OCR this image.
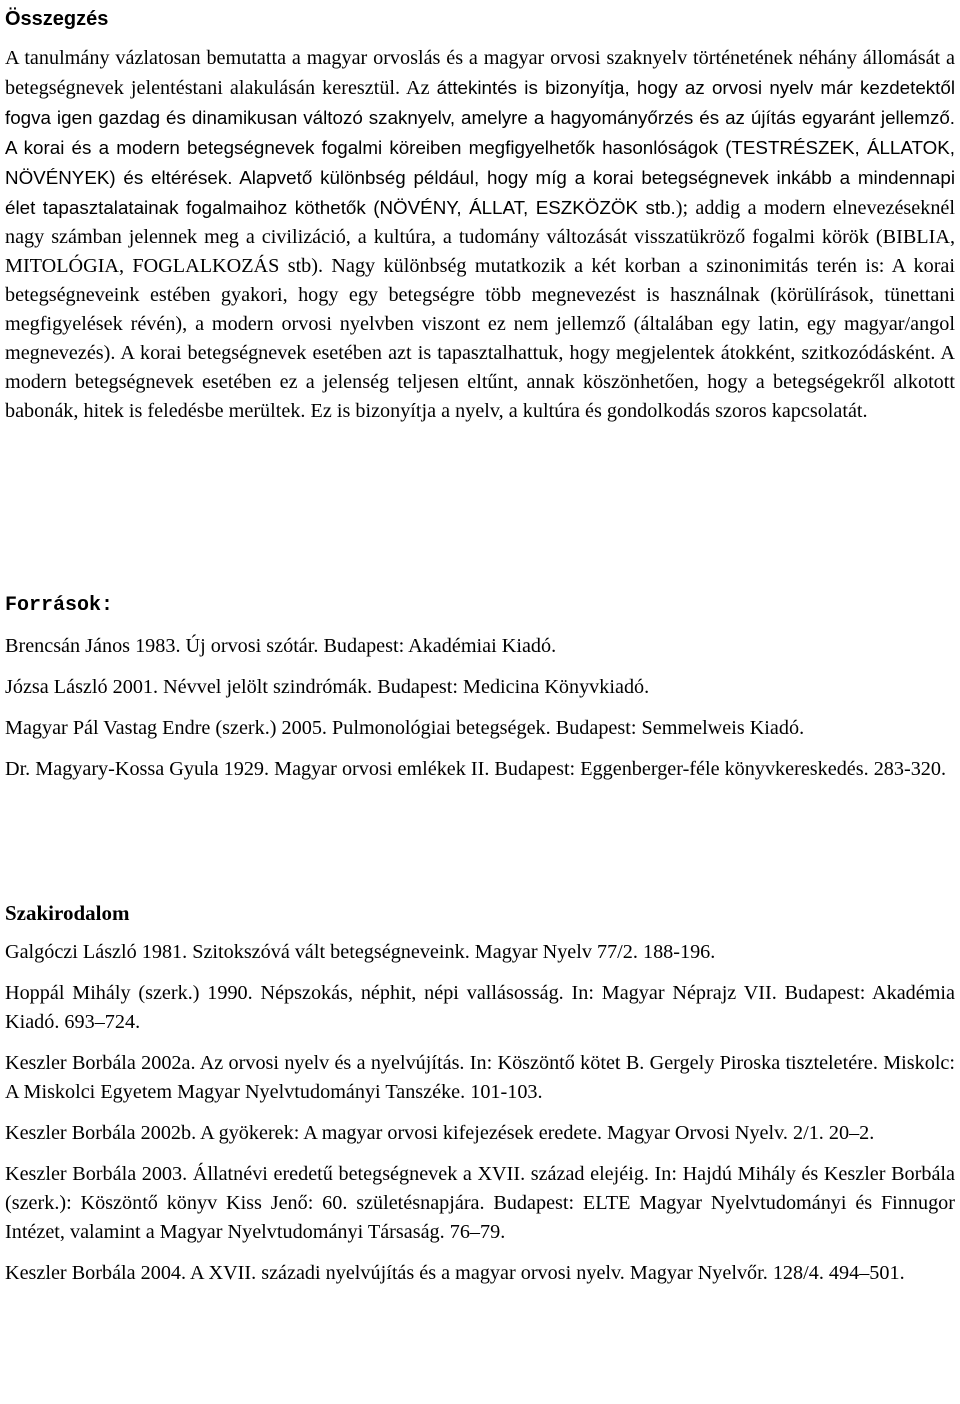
Összegzés

A tanulmány vázlatosan bemutatta a magyar orvoslás és a magyar orvosi szaknyelv történetének néhány állomását a betegségnevek jelentéstani alakulásán keresztül. Az áttekintés is bizonyítja, hogy az orvosi nyelv már kezdetektől fogva igen gazdag és dinamikusan változó szaknyelv, amelyre a hagyományőrzés és az újítás egyaránt jellemző. A korai és a modern betegségnevek fogalmi köreiben megfigyelhetők hasonlóságok (TESTRÉSZEK, ÁLLATOK, NÖVÉNYEK) és eltérések. Alapvető különbség például, hogy míg a korai betegségnevek inkább a mindennapi élet tapasztalatainak fogalmaihoz köthetők (NÖVÉNY, ÁLLAT, ESZKÖZÖK stb.); addig a modern elnevezéseknél nagy számban jelennek meg a civilizáció, a kultúra, a tudomány változását visszatükröző fogalmi körök (BIBLIA, MITOLÓGIA, FOGLALKOZÁS stb). Nagy különbség mutatkozik a két korban a szinonimitás terén is: A korai betegségneveink estében gyakori, hogy egy betegségre több megnevezést is használnak (körülírások, tünettani megfigyelések révén), a modern orvosi nyelvben viszont ez nem jellemző (általában egy latin, egy magyar/angol megnevezés). A korai betegségnevek esetében azt is tapasztalhattuk, hogy megjelentek átokként, szitkozódásként. A modern betegségnevek esetében ez a jelenség teljesen eltűnt, annak köszönhetően, hogy a betegségekről alkotott babonák, hitek is feledésbe merültek. Ez is bizonyítja a nyelv, a kultúra és gondolkodás szoros kapcsolatát.

Források:

Brencsán János 1983. Új orvosi szótár. Budapest: Akadémiai Kiadó.

Józsa László 2001. Névvel jelölt szindrómák. Budapest: Medicina Könyvkiadó.

Magyar Pál Vastag Endre (szerk.) 2005. Pulmonológiai betegségek. Budapest: Semmelweis Kiadó.

Dr. Magyary-Kossa Gyula 1929. Magyar orvosi emlékek II. Budapest: Eggenberger-féle könyvkereskedés. 283-320.

Szakirodalom

Galgóczi László 1981. Szitokszóvá vált betegségneveink. Magyar Nyelv 77/2. 188-196.

Hoppál Mihály (szerk.) 1990. Népszokás, néphit, népi vallásosság. In: Magyar Néprajz VII. Budapest: Akadémia Kiadó. 693–724.

Keszler Borbála 2002a. Az orvosi nyelv és a nyelvújítás. In: Köszöntő kötet B. Gergely Piroska tiszteletére. Miskolc: A Miskolci Egyetem Magyar Nyelvtudományi Tanszéke. 101-103.

Keszler Borbála 2002b. A gyökerek: A magyar orvosi kifejezések eredete. Magyar Orvosi Nyelv. 2/1. 20–2.

Keszler Borbála 2003. Állatnévi eredetű betegségnevek a XVII. század elejéig. In: Hajdú Mihály és Keszler Borbála (szerk.): Köszöntő könyv Kiss Jenő: 60. születésnapjára. Budapest: ELTE Magyar Nyelvtudományi és Finnugor Intézet, valamint a Magyar Nyelvtudományi Társaság. 76–79.

Keszler Borbála 2004. A XVII. századi nyelvújítás és a magyar orvosi nyelv. Magyar Nyelvőr. 128/4. 494–501.
